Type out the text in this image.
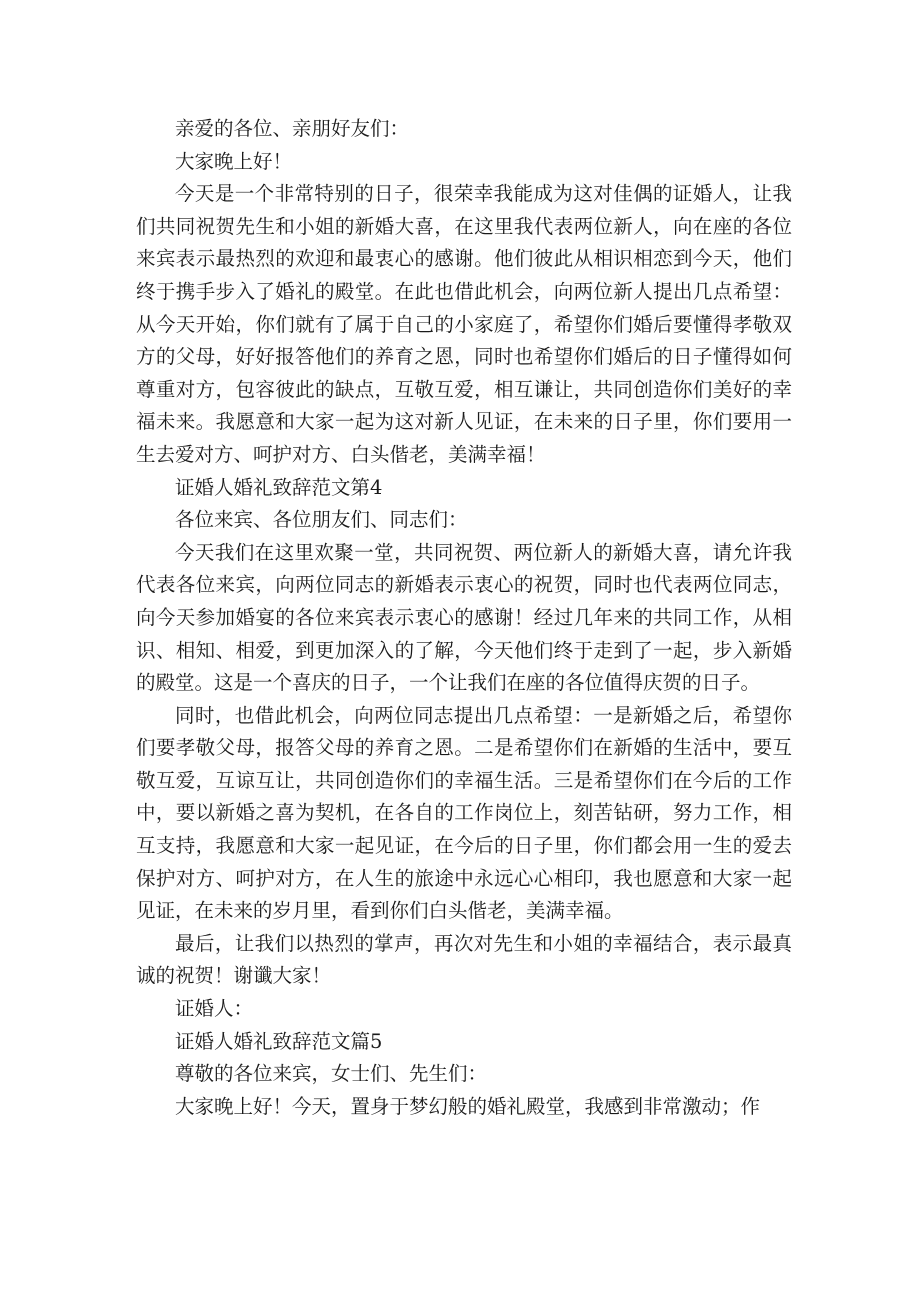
亲爱的各位、亲朋好友们：

大家晚上好！

今天是一个非常特别的日子，很荣幸我能成为这对佳偶的证婚人，让我们共同祝贺先生和小姐的新婚大喜，在这里我代表两位新人，向在座的各位来宾表示最热烈的欢迎和最衷心的感谢。他们彼此从相识相恋到今天，他们终于携手步入了婚礼的殿堂。在此也借此机会，向两位新人提出几点希望：从今天开始，你们就有了属于自己的小家庭了，希望你们婚后要懂得孝敬双方的父母，好好报答他们的养育之恩，同时也希望你们婚后的日子懂得如何尊重对方，包容彼此的缺点，互敬互爱，相互谦让，共同创造你们美好的幸福未来。我愿意和大家一起为这对新人见证，在未来的日子里，你们要用一生去爱对方、呵护对方、白头偕老，美满幸福！

证婚人婚礼致辞范文第4

各位来宾、各位朋友们、同志们：

今天我们在这里欢聚一堂，共同祝贺、两位新人的新婚大喜，请允许我代表各位来宾，向两位同志的新婚表示衷心的祝贺，同时也代表两位同志，向今天参加婚宴的各位来宾表示衷心的感谢！经过几年来的共同工作，从相识、相知、相爱，到更加深入的了解，今天他们终于走到了一起，步入新婚的殿堂。这是一个喜庆的日子，一个让我们在座的各位值得庆贺的日子。

同时，也借此机会，向两位同志提出几点希望：一是新婚之后，希望你们要孝敬父母，报答父母的养育之恩。二是希望你们在新婚的生活中，要互敬互爱，互谅互让，共同创造你们的幸福生活。三是希望你们在今后的工作中，要以新婚之喜为契机，在各自的工作岗位上，刻苦钻研，努力工作，相互支持，我愿意和大家一起见证，在今后的日子里，你们都会用一生的爱去保护对方、呵护对方，在人生的旅途中永远心心相印，我也愿意和大家一起见证，在未来的岁月里，看到你们白头偕老，美满幸福。

最后，让我们以热烈的掌声，再次对先生和小姐的幸福结合，表示最真诚的祝贺！谢谶大家！

证婚人：

证婚人婚礼致辞范文篇5

尊敬的各位来宾，女士们、先生们：

大家晚上好！今天，置身于梦幻般的婚礼殿堂，我感到非常激动；作
